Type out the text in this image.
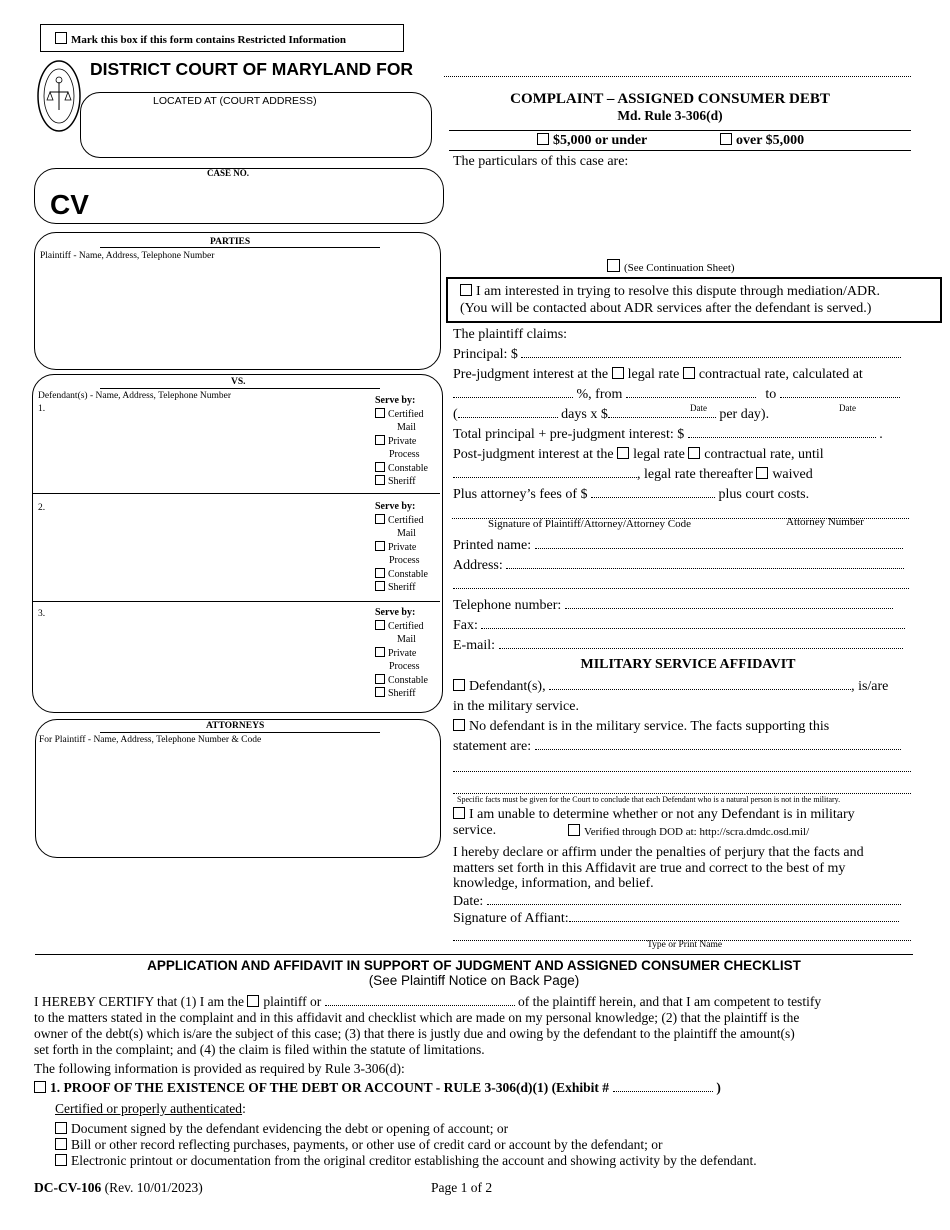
Mark this box if this form contains Restricted Information
DISTRICT COURT OF MARYLAND FOR
LOCATED AT (COURT ADDRESS)
CASE NO.
CV
PARTIES
Plaintiff - Name, Address, Telephone Number
VS.
Defendant(s) - Name, Address, Telephone Number
1.
Serve by:
Certified
Mail
Private
Process
Constable
Sheriff
2.	Serve by:
Certified
Mail
Private
Process
Constable
Sheriff
3.	Serve by:
Certified
Mail
Private
Process
Constable
Sheriff
ATTORNEYS
For Plaintiff - Name, Address, Telephone Number & Code
COMPLAINT – ASSIGNED CONSUMER DEBT
Md. Rule 3-306(d)
$5,000 or under	over $5,000
The particulars of this case are:
(See Continuation Sheet)
I am interested in trying to resolve this dispute through mediation/ADR.
(You will be contacted about ADR services after the defendant is served.)
The plaintiff claims:
Principal: $
Pre-judgment interest at the legal rate contractual rate, calculated at
%, from	to
Date	Date
(	days x $	per day).
Total principal + pre-judgment interest: $	.
Post-judgment interest at the legal rate contractual rate, until
, legal rate thereafter waived
Plus attorney’s fees of $	plus court costs.
Signature of Plaintiff/Attorney/Attorney Code	Attorney Number
Printed name:
Address:
Telephone number:
Fax:
E-mail:
MILITARY SERVICE AFFIDAVIT
Defendant(s),	, is/are
in the military service.
No defendant is in the military service. The facts supporting this
statement are:
Specific facts must be given for the Court to conclude that each Defendant who is a natural person is not in the military.
I am unable to determine whether or not any Defendant is in military
service.	Verified through DOD at: http://scra.dmdc.osd.mil/
I hereby declare or affirm under the penalties of perjury that the facts and
matters set forth in this Affidavit are true and correct to the best of my
knowledge, information, and belief.
Date:
Signature of Affiant:
Type or Print Name
APPLICATION AND AFFIDAVIT IN SUPPORT OF JUDGMENT AND ASSIGNED CONSUMER CHECKLIST
(See Plaintiff Notice on Back Page)
I HEREBY CERTIFY that (1) I am the plaintiff or	of the plaintiff herein, and that I am competent to testify
to the matters stated in the complaint and in this affidavit and checklist which are made on my personal knowledge; (2) that the plaintiff is the
owner of the debt(s) which is/are the subject of this case; (3) that there is justly due and owing by the defendant to the plaintiff the amount(s)
set forth in the complaint; and (4) the claim is filed within the statute of limitations.
The following information is provided as required by Rule 3-306(d):
1. PROOF OF THE EXISTENCE OF THE DEBT OR ACCOUNT - RULE 3-306(d)(1) (Exhibit #	)
Certified or properly authenticated:
Document signed by the defendant evidencing the debt or opening of account; or
Bill or other record reflecting purchases, payments, or other use of credit card or account by the defendant; or
Electronic printout or documentation from the original creditor establishing the account and showing activity by the defendant.
DC-CV-106 (Rev. 10/01/2023)	Page 1 of 2
